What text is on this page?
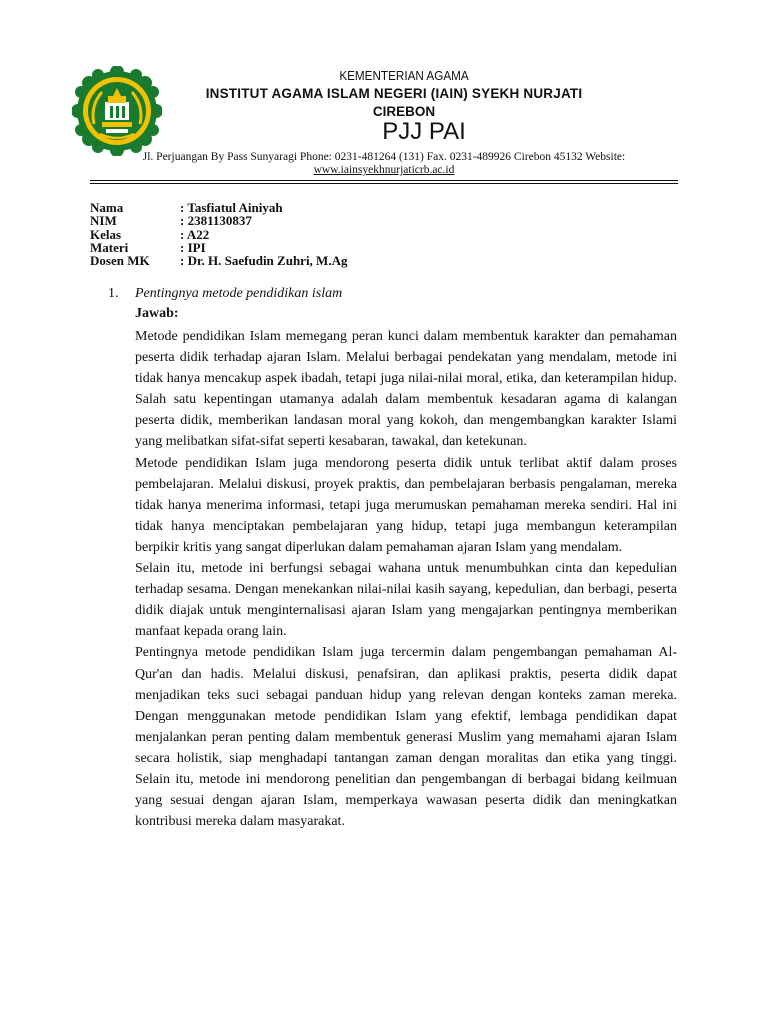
KEMENTERIAN AGAMA
INSTITUT AGAMA ISLAM NEGERI (IAIN) SYEKH NURJATI
CIREBON
PJJ PAI
Jl. Perjuangan By Pass Sunyaragi Phone: 0231-481264 (131) Fax. 0231-489926 Cirebon 45132 Website:
www.iainsyekhnurjaticrb.ac.id
Nama	: Tasfiatul Ainiyah
NIM	: 2381130837
Kelas	: A22
Materi	: IPI
Dosen MK : Dr. H. Saefudin Zuhri, M.Ag
1. Pentingnya metode pendidikan islam
Jawab:

Metode pendidikan Islam memegang peran kunci dalam membentuk karakter dan pemahaman peserta didik terhadap ajaran Islam. Melalui berbagai pendekatan yang mendalam, metode ini tidak hanya mencakup aspek ibadah, tetapi juga nilai-nilai moral, etika, dan keterampilan hidup. Salah satu kepentingan utamanya adalah dalam membentuk kesadaran agama di kalangan peserta didik, memberikan landasan moral yang kokoh, dan mengembangkan karakter Islami yang melibatkan sifat-sifat seperti kesabaran, tawakal, dan ketekunan.

Metode pendidikan Islam juga mendorong peserta didik untuk terlibat aktif dalam proses pembelajaran. Melalui diskusi, proyek praktis, dan pembelajaran berbasis pengalaman, mereka tidak hanya menerima informasi, tetapi juga merumuskan pemahaman mereka sendiri. Hal ini tidak hanya menciptakan pembelajaran yang hidup, tetapi juga membangun keterampilan berpikir kritis yang sangat diperlukan dalam pemahaman ajaran Islam yang mendalam.

Selain itu, metode ini berfungsi sebagai wahana untuk menumbuhkan cinta dan kepedulian terhadap sesama. Dengan menekankan nilai-nilai kasih sayang, kepedulian, dan berbagi, peserta didik diajak untuk menginternalisasi ajaran Islam yang mengajarkan pentingnya memberikan manfaat kepada orang lain.

Pentingnya metode pendidikan Islam juga tercermin dalam pengembangan pemahaman Al-Qur'an dan hadis. Melalui diskusi, penafsiran, dan aplikasi praktis, peserta didik dapat menjadikan teks suci sebagai panduan hidup yang relevan dengan konteks zaman mereka. Dengan menggunakan metode pendidikan Islam yang efektif, lembaga pendidikan dapat menjalankan peran penting dalam membentuk generasi Muslim yang memahami ajaran Islam secara holistik, siap menghadapi tantangan zaman dengan moralitas dan etika yang tinggi. Selain itu, metode ini mendorong penelitian dan pengembangan di berbagai bidang keilmuan yang sesuai dengan ajaran Islam, memperkaya wawasan peserta didik dan meningkatkan kontribusi mereka dalam masyarakat.
